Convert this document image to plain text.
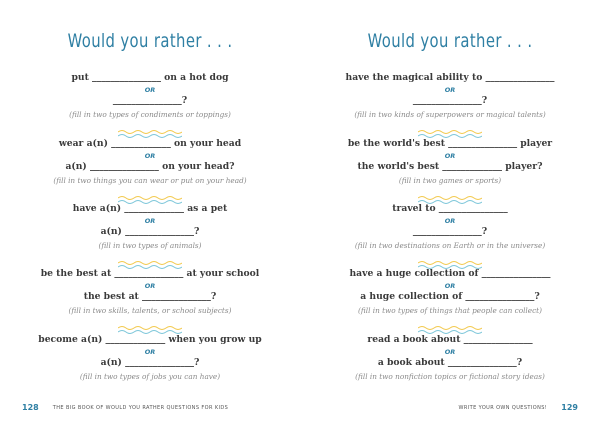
Would you rather . . .
put _______________ on a hot dog
OR
_______________?
(fill in two types of condiments or toppings)
wear a(n) _____________ on your head
OR
a(n) _______________ on your head?
(fill in two things you can wear or put on your head)
have a(n) _____________ as a pet
OR
a(n) _______________?
(fill in two types of animals)
be the best at _______________ at your school
OR
the best at _______________?
(fill in two skills, talents, or school subjects)
become a(n) _____________ when you grow up
OR
a(n) _______________?
(fill in two types of jobs you can have)
128	THE BIG BOOK OF WOULD YOU RATHER QUESTIONS FOR KIDS
Would you rather . . .
have the magical ability to _______________
OR
_______________?
(fill in two kinds of superpowers or magical talents)
be the world's best _______________ player
OR
the world's best _____________ player?
(fill in two games or sports)
travel to _______________
OR
_______________?
(fill in two destinations on Earth or in the universe)
have a huge collection of _______________
OR
a huge collection of _______________?
(fill in two types of things that people can collect)
read a book about _______________
OR
a book about _______________?
(fill in two nonfiction topics or fictional story ideas)
WRITE YOUR OWN QUESTIONS! 129
